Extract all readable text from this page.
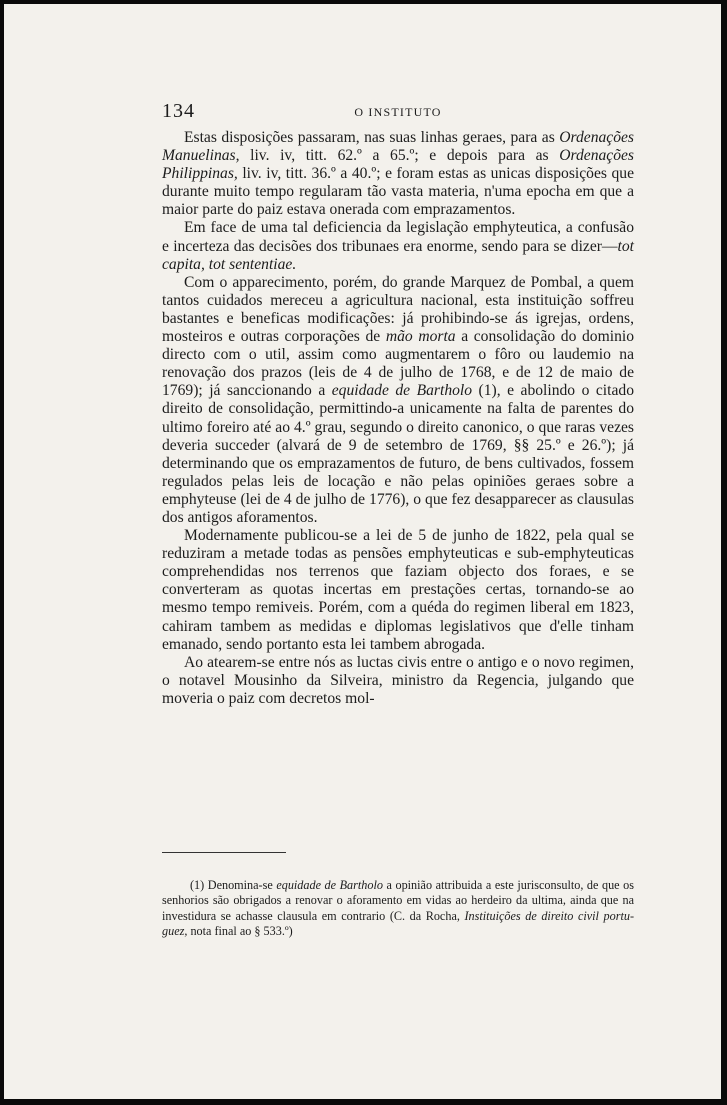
134	O INSTITUTO

Estas disposições passaram, nas suas linhas geraes, para as Ordenações Manuelinas, liv. iv, titt. 62.º a 65.º; e depois para as Ordenações Philippinas, liv. iv, titt. 36.º a 40.º; e foram estas as unicas disposições que durante muito tempo regularam tão vasta materia, n'uma epocha em que a maior parte do paiz estava onerada com emprazamentos.

Em face de uma tal deficiencia da legislação emphyteutica, a confusão e incerteza das decisões dos tribunaes era enorme, sendo para se dizer—tot capita, tot sententiae.

Com o apparecimento, porém, do grande Marquez de Pombal, a quem tantos cuidados mereceu a agricultura nacional, esta instituição soffreu bastantes e beneficas modificações: já prohibindo-se ás igrejas, ordens, mosteiros e outras corporações de mão morta a consolidação do dominio directo com o util, assim como augmentarem o fôro ou laudemio na renovação dos prazos (leis de 4 de julho de 1768, e de 12 de maio de 1769); já sanccionando a equidade de Bartholo (1), e abolindo o citado direito de consolidação, permittindo-a unicamente na falta de parentes do ultimo foreiro até ao 4.º grau, segundo o direito canonico, o que raras vezes deveria succeder (alvará de 9 de setembro de 1769, §§ 25.º e 26.º); já determinando que os emprazamentos de futuro, de bens cultivados, fossem regulados pelas leis de locação e não pelas opiniões geraes sobre a emphyteuse (lei de 4 de julho de 1776), o que fez desapparecer as clausulas dos antigos aforamentos.

Modernamente publicou-se a lei de 5 de junho de 1822, pela qual se reduziram a metade todas as pensões emphyteuticas e sub-emphyteuticas comprehendidas nos terrenos que faziam objecto dos foraes, e se converteram as quotas incertas em prestações certas, tornando-se ao mesmo tempo remiveis. Porém, com a quéda do regimen liberal em 1823, cahiram tambem as medidas e diplomas legislativos que d'elle tinham emanado, sendo portanto esta lei tambem abrogada.

Ao atearem-se entre nós as luctas civis entre o antigo e o novo regimen, o notavel Mousinho da Silveira, ministro da Regencia, julgando que moveria o paiz com decretos mol-

(1) Denomina-se equidade de Bartholo a opinião attribuida a este jurisconsulto, de que os senhorios são obrigados a renovar o aforamento em vidas ao herdeiro da ultima, ainda que na investidura se achasse clausula em contrario (C. da Rocha, Instituições de direito civil portuguez, nota final ao § 533.º)
